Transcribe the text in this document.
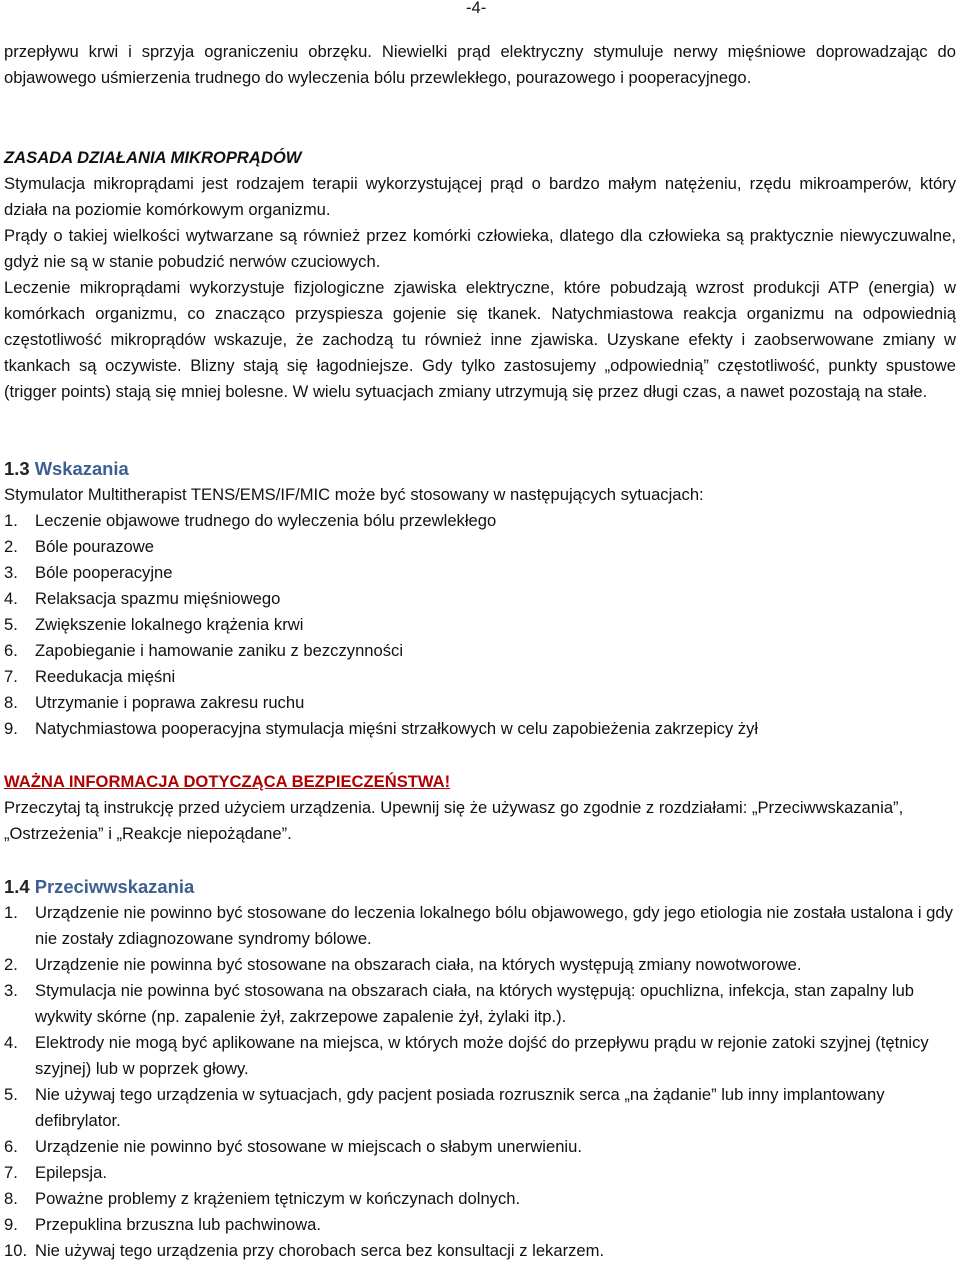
-4-

przepływu krwi i sprzyja ograniczeniu obrzęku. Niewielki prąd elektryczny stymuluje nerwy mięśniowe doprowadzając do objawowego uśmierzenia trudnego do wyleczenia bólu przewlekłego, pourazowego i pooperacyjnego.

ZASADA DZIAŁANIA MIKROPRĄDÓW

Stymulacja mikroprądami jest rodzajem terapii wykorzystującej prąd o bardzo małym natężeniu, rzędu mikroamperów, który działa na poziomie komórkowym organizmu.

Prądy o takiej wielkości wytwarzane są również przez komórki człowieka, dlatego dla człowieka są praktycznie niewyczuwalne, gdyż nie są w stanie pobudzić nerwów czuciowych.

Leczenie mikroprądami wykorzystuje fizjologiczne zjawiska elektryczne, które pobudzają wzrost produkcji ATP (energia) w komórkach organizmu, co znacząco przyspiesza gojenie się tkanek. Natychmiastowa reakcja organizmu na odpowiednią częstotliwość mikroprądów wskazuje, że zachodzą tu również inne zjawiska. Uzyskane efekty i zaobserwowane zmiany w tkankach są oczywiste. Blizny stają się łagodniejsze. Gdy tylko zastosujemy „odpowiednią” częstotliwość, punkty spustowe (trigger points) stają się mniej bolesne. W wielu sytuacjach zmiany utrzymują się przez długi czas, a nawet pozostają na stałe.

1.3 Wskazania

Stymulator Multitherapist TENS/EMS/IF/MIC może być stosowany w następujących sytuacjach:

1. Leczenie objawowe trudnego do wyleczenia bólu przewlekłego
2. Bóle pourazowe
3. Bóle pooperacyjne
4. Relaksacja spazmu mięśniowego
5. Zwiększenie lokalnego krążenia krwi
6. Zapobieganie i hamowanie zaniku z bezczynności
7. Reedukacja mięśni
8. Utrzymanie i poprawa zakresu ruchu
9. Natychmiastowa pooperacyjna stymulacja mięśni strzałkowych w celu zapobieżenia zakrzepicy żył

WAŻNA INFORMACJA DOTYCZĄCA BEZPIECZEŃSTWA!

Przeczytaj tą instrukcję przed użyciem urządzenia. Upewnij się że używasz go zgodnie z rozdziałami: „Przeciwwskazania”, „Ostrzeżenia” i „Reakcje niepożądane”.

1.4 Przeciwwskazania

1. Urządzenie nie powinno być stosowane do leczenia lokalnego bólu objawowego, gdy jego etiologia nie została ustalona i gdy nie zostały zdiagnozowane syndromy bólowe.
2. Urządzenie nie powinna być stosowane na obszarach ciała, na których występują zmiany nowotworowe.
3. Stymulacja nie powinna być stosowana na obszarach ciała, na których występują: opuchlizna, infekcja, stan zapalny lub wykwity skórne (np. zapalenie żył, zakrzepowe zapalenie żył, żylaki itp.).
4. Elektrody nie mogą być aplikowane na miejsca, w których może dojść do przepływu prądu w rejonie zatoki szyjnej (tętnicy szyjnej) lub w poprzek głowy.
5. Nie używaj tego urządzenia w sytuacjach, gdy pacjent posiada rozrusznik serca „na żądanie” lub inny implantowany defibrylator.
6. Urządzenie nie powinno być stosowane w miejscach o słabym unerwieniu.
7. Epilepsja.
8. Poważne problemy z krążeniem tętniczym w kończynach dolnych.
9. Przepuklina brzuszna lub pachwinowa.
10. Nie używaj tego urządzenia przy chorobach serca bez konsultacji z lekarzem.
